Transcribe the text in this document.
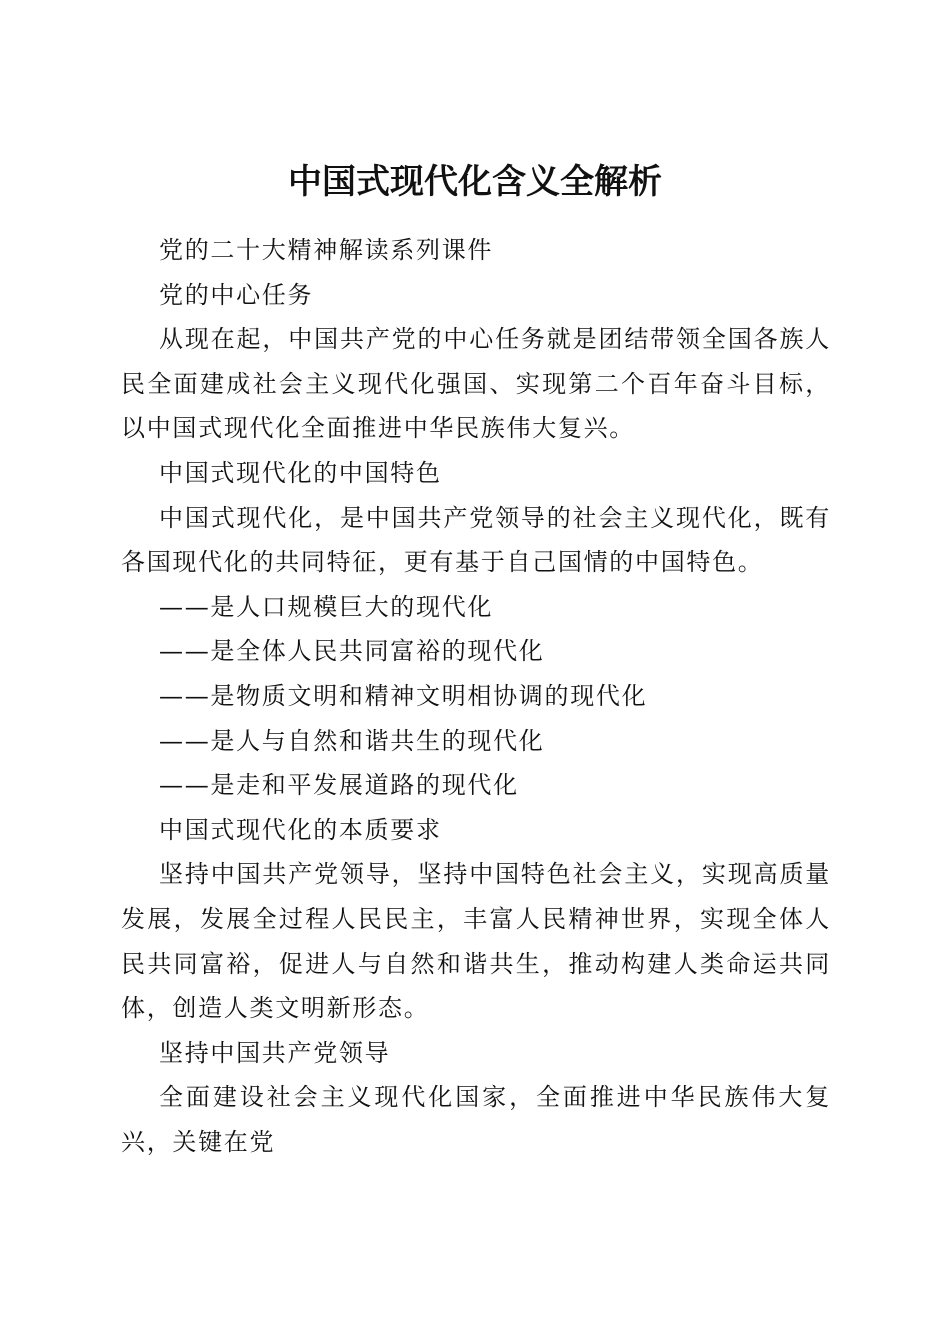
中国式现代化含义全解析

党的二十大精神解读系列课件

党的中心任务

从现在起，中国共产党的中心任务就是团结带领全国各族人民全面建成社会主义现代化强国、实现第二个百年奋斗目标，以中国式现代化全面推进中华民族伟大复兴。

中国式现代化的中国特色

中国式现代化，是中国共产党领导的社会主义现代化，既有各国现代化的共同特征，更有基于自己国情的中国特色。

——是人口规模巨大的现代化

——是全体人民共同富裕的现代化

——是物质文明和精神文明相协调的现代化

——是人与自然和谐共生的现代化

——是走和平发展道路的现代化

中国式现代化的本质要求

坚持中国共产党领导，坚持中国特色社会主义，实现高质量发展，发展全过程人民民主，丰富人民精神世界，实现全体人民共同富裕，促进人与自然和谐共生，推动构建人类命运共同体，创造人类文明新形态。

坚持中国共产党领导

全面建设社会主义现代化国家，全面推进中华民族伟大复兴，关键在党
